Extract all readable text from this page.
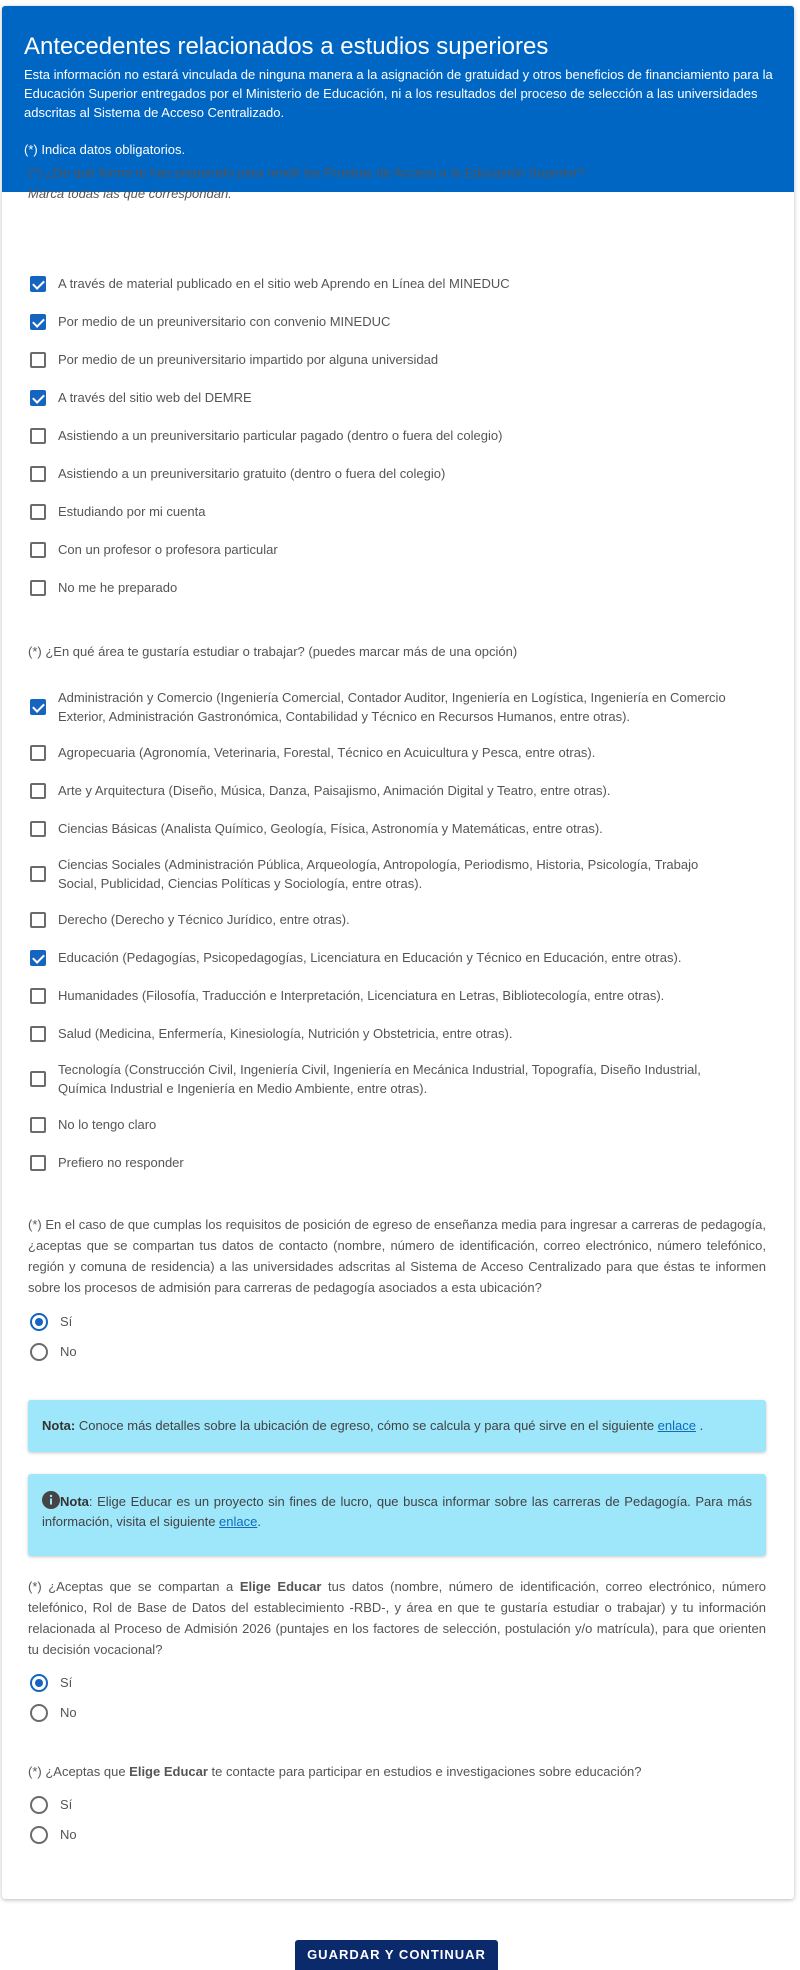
Antecedentes relacionados a estudios superiores
Esta información no estará vinculada de ninguna manera a la asignación de gratuidad y otros beneficios de financiamiento para la Educación Superior entregados por el Ministerio de Educación, ni a los resultados del proceso de selección a las universidades adscritas al Sistema de Acceso Centralizado.
(*) Indica datos obligatorios.
(*) ¿De qué forma te has preparado para rendir las Pruebas de Acceso a la Educación Superior?
Marca todas las que correspondan.
A través de material publicado en el sitio web Aprendo en Línea del MINEDUC
Por medio de un preuniversitario con convenio MINEDUC
Por medio de un preuniversitario impartido por alguna universidad
A través del sitio web del DEMRE
Asistiendo a un preuniversitario particular pagado (dentro o fuera del colegio)
Asistiendo a un preuniversitario gratuito (dentro o fuera del colegio)
Estudiando por mi cuenta
Con un profesor o profesora particular
No me he preparado
(*) ¿En qué área te gustaría estudiar o trabajar? (puedes marcar más de una opción)
Administración y Comercio (Ingeniería Comercial, Contador Auditor, Ingeniería en Logística, Ingeniería en Comercio Exterior, Administración Gastronómica, Contabilidad y Técnico en Recursos Humanos, entre otras).
Agropecuaria (Agronomía, Veterinaria, Forestal, Técnico en Acuicultura y Pesca, entre otras).
Arte y Arquitectura (Diseño, Música, Danza, Paisajismo, Animación Digital y Teatro, entre otras).
Ciencias Básicas (Analista Químico, Geología, Física, Astronomía y Matemáticas, entre otras).
Ciencias Sociales (Administración Pública, Arqueología, Antropología, Periodismo, Historia, Psicología, Trabajo Social, Publicidad, Ciencias Políticas y Sociología, entre otras).
Derecho (Derecho y Técnico Jurídico, entre otras).
Educación (Pedagogías, Psicopedagogías, Licenciatura en Educación y Técnico en Educación, entre otras).
Humanidades (Filosofía, Traducción e Interpretación, Licenciatura en Letras, Bibliotecología, entre otras).
Salud (Medicina, Enfermería, Kinesiología, Nutrición y Obstetricia, entre otras).
Tecnología (Construcción Civil, Ingeniería Civil, Ingeniería en Mecánica Industrial, Topografía, Diseño Industrial, Química Industrial e Ingeniería en Medio Ambiente, entre otras).
No lo tengo claro
Prefiero no responder
(*) En el caso de que cumplas los requisitos de posición de egreso de enseñanza media para ingresar a carreras de pedagogía, ¿aceptas que se compartan tus datos de contacto (nombre, número de identificación, correo electrónico, número telefónico, región y comuna de residencia) a las universidades adscritas al Sistema de Acceso Centralizado para que éstas te informen sobre los procesos de admisión para carreras de pedagogía asociados a esta ubicación?
Sí
No
Nota: Conoce más detalles sobre la ubicación de egreso, cómo se calcula y para qué sirve en el siguiente enlace .
Nota: Elige Educar es un proyecto sin fines de lucro, que busca informar sobre las carreras de Pedagogía. Para más información, visita el siguiente enlace.
(*) ¿Aceptas que se compartan a Elige Educar tus datos (nombre, número de identificación, correo electrónico, número telefónico, Rol de Base de Datos del establecimiento -RBD-, y área en que te gustaría estudiar o trabajar) y tu información relacionada al Proceso de Admisión 2026 (puntajes en los factores de selección, postulación y/o matrícula), para que orienten tu decisión vocacional?
Sí
No
(*) ¿Aceptas que Elige Educar te contacte para participar en estudios e investigaciones sobre educación?
Sí
No
GUARDAR Y CONTINUAR
